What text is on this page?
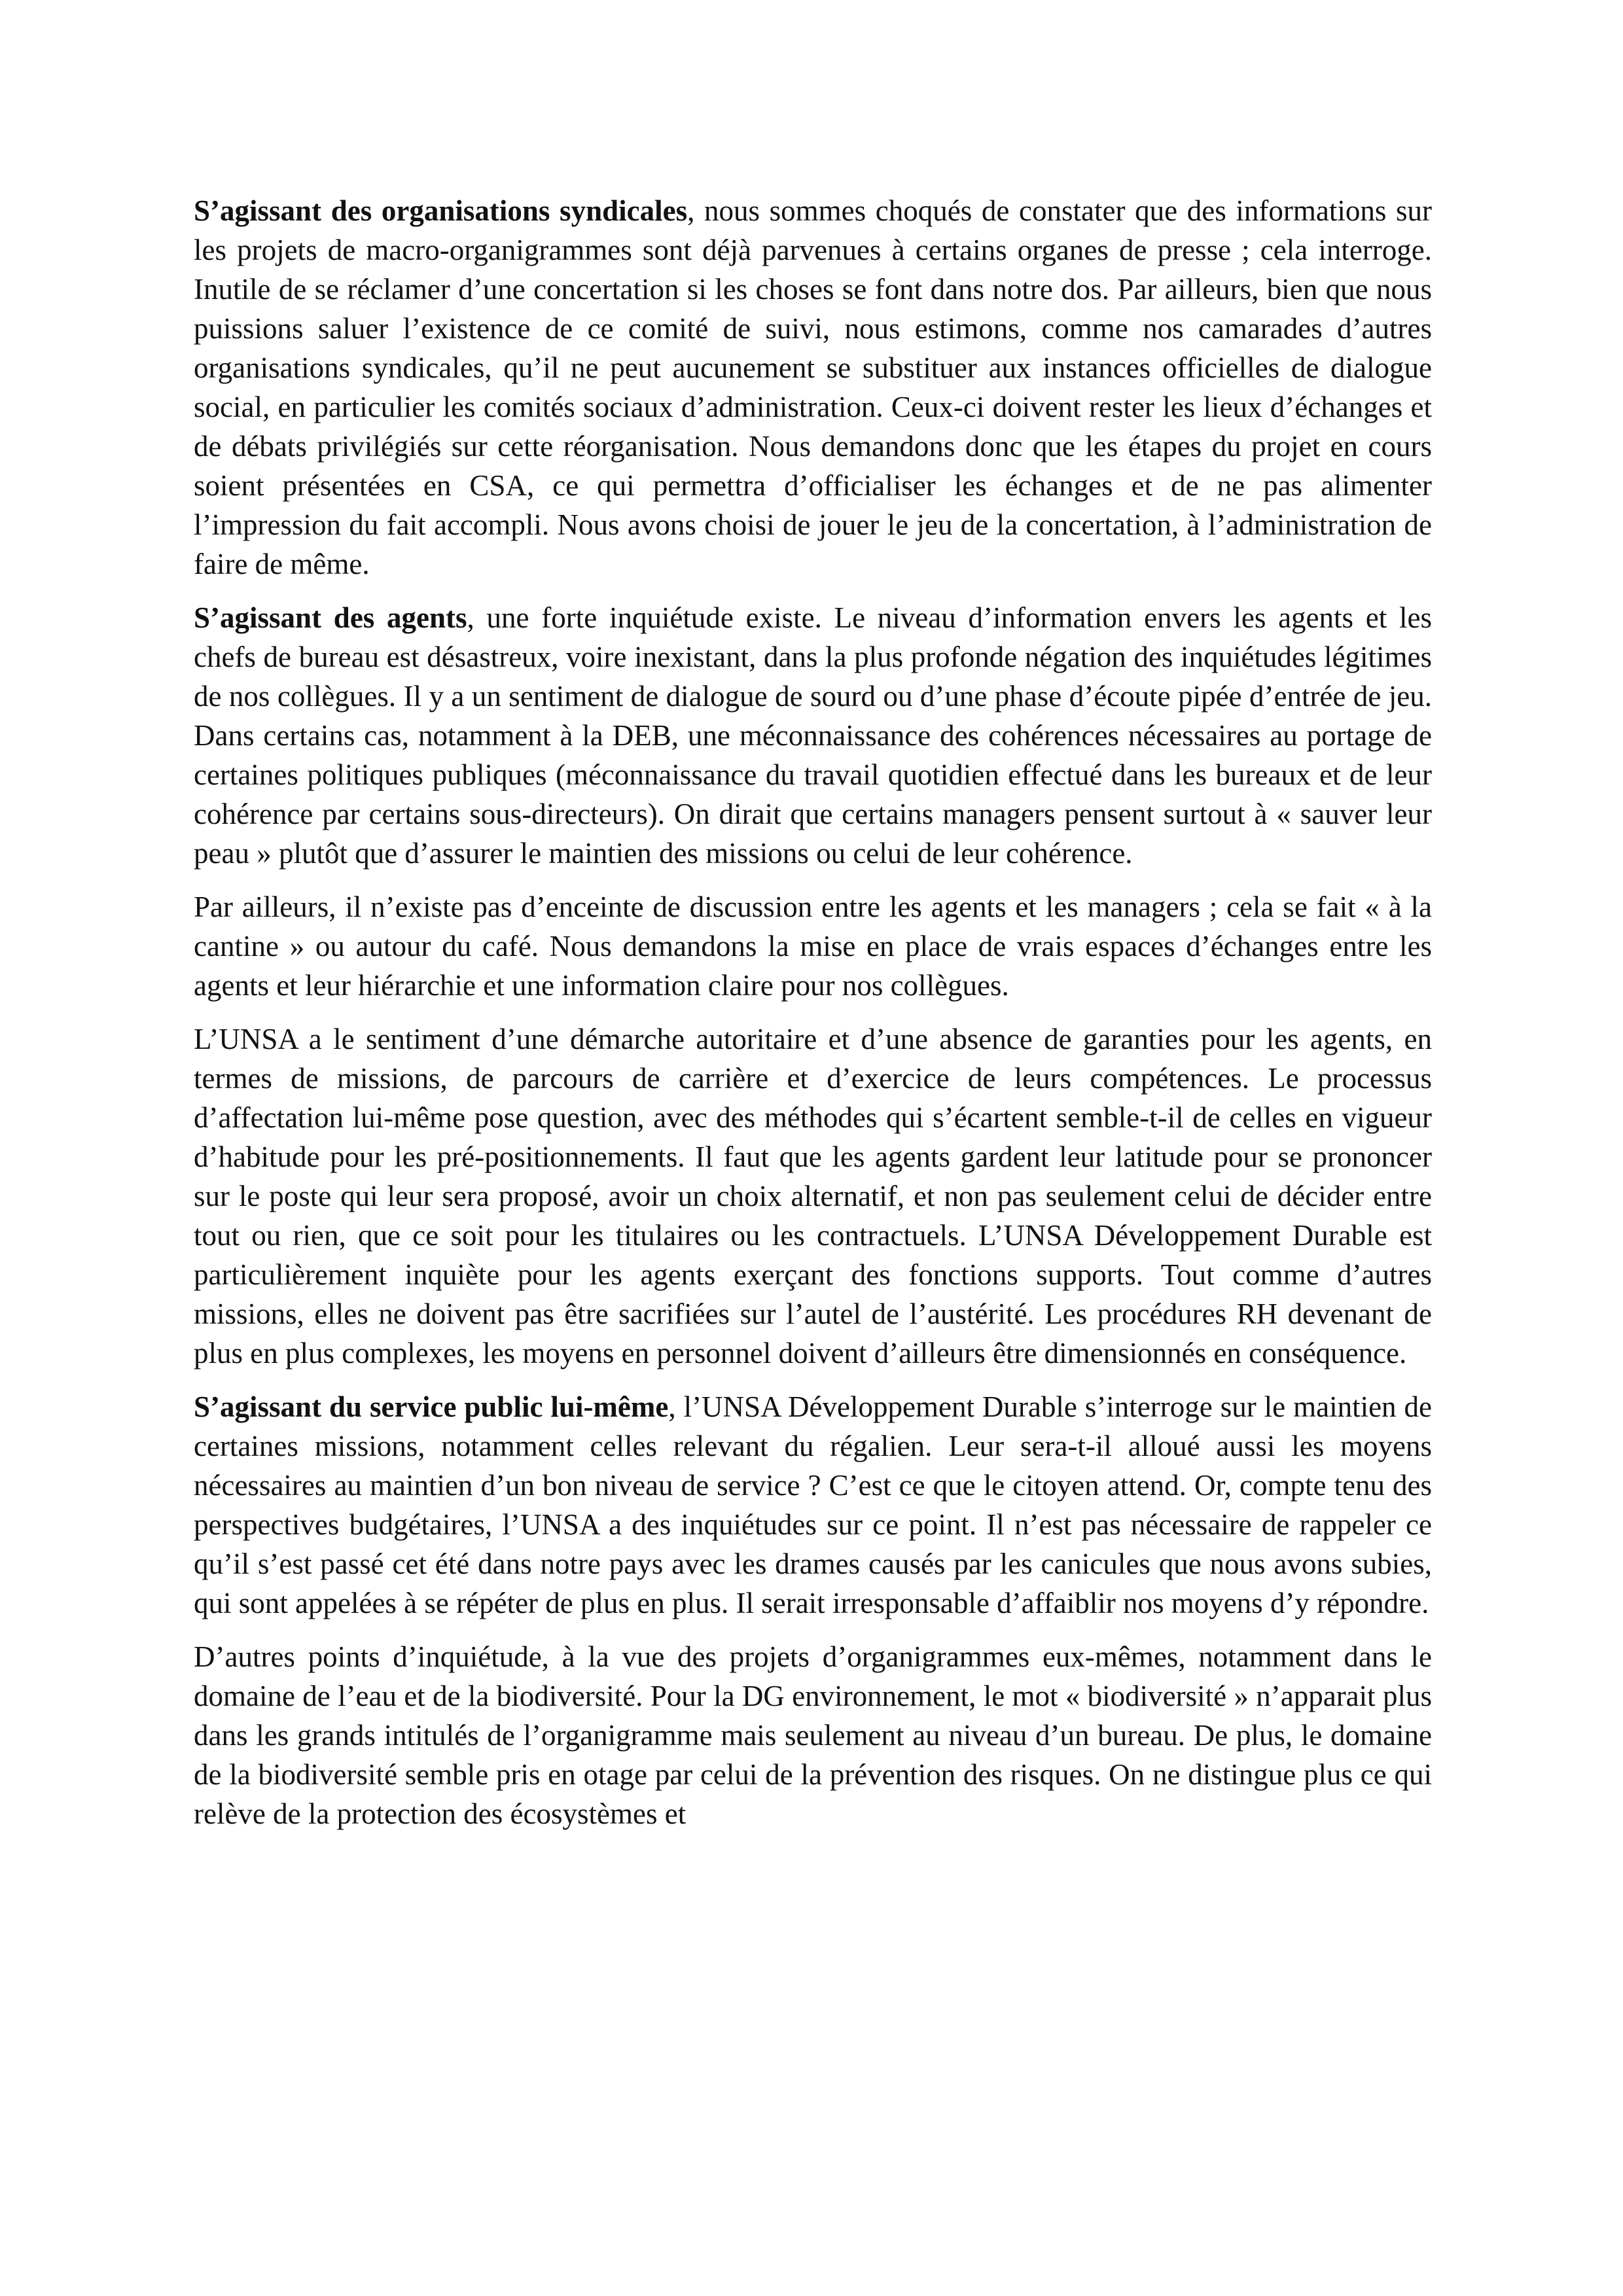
S’agissant des organisations syndicales, nous sommes choqués de constater que des informations sur les projets de macro-organigrammes sont déjà parvenues à certains organes de presse ; cela interroge. Inutile de se réclamer d’une concertation si les choses se font dans notre dos. Par ailleurs, bien que nous puissions saluer l’existence de ce comité de suivi, nous estimons, comme nos camarades d’autres organisations syndicales, qu’il ne peut aucunement se substituer aux instances officielles de dialogue social, en particulier les comités sociaux d’administration. Ceux-ci doivent rester les lieux d’échanges et de débats privilégiés sur cette réorganisation. Nous demandons donc que les étapes du projet en cours soient présentées en CSA, ce qui permettra d’officialiser les échanges et de ne pas alimenter l’impression du fait accompli. Nous avons choisi de jouer le jeu de la concertation, à l’administration de faire de même.

S’agissant des agents, une forte inquiétude existe. Le niveau d’information envers les agents et les chefs de bureau est désastreux, voire inexistant, dans la plus profonde négation des inquiétudes légitimes de nos collègues. Il y a un sentiment de dialogue de sourd ou d’une phase d’écoute pipée d’entrée de jeu. Dans certains cas, notamment à la DEB, une méconnaissance des cohérences nécessaires au portage de certaines politiques publiques (méconnaissance du travail quotidien effectué dans les bureaux et de leur cohérence par certains sous-directeurs). On dirait que certains managers pensent surtout à « sauver leur peau » plutôt que d’assurer le maintien des missions ou celui de leur cohérence.

Par ailleurs, il n’existe pas d’enceinte de discussion entre les agents et les managers ; cela se fait « à la cantine » ou autour du café. Nous demandons la mise en place de vrais espaces d’échanges entre les agents et leur hiérarchie et une information claire pour nos collègues.

L’UNSA a le sentiment d’une démarche autoritaire et d’une absence de garanties pour les agents, en termes de missions, de parcours de carrière et d’exercice de leurs compétences. Le processus d’affectation lui-même pose question, avec des méthodes qui s’écartent semble-t-il de celles en vigueur d’habitude pour les pré-positionnements. Il faut que les agents gardent leur latitude pour se prononcer sur le poste qui leur sera proposé, avoir un choix alternatif, et non pas seulement celui de décider entre tout ou rien, que ce soit pour les titulaires ou les contractuels. L’UNSA Développement Durable est particulièrement inquiète pour les agents exerçant des fonctions supports. Tout comme d’autres missions, elles ne doivent pas être sacrifiées sur l’autel de l’austérité. Les procédures RH devenant de plus en plus complexes, les moyens en personnel doivent d’ailleurs être dimensionnés en conséquence.

S’agissant du service public lui-même, l’UNSA Développement Durable s’interroge sur le maintien de certaines missions, notamment celles relevant du régalien. Leur sera-t-il alloué aussi les moyens nécessaires au maintien d’un bon niveau de service ? C’est ce que le citoyen attend. Or, compte tenu des perspectives budgétaires, l’UNSA a des inquiétudes sur ce point. Il n’est pas nécessaire de rappeler ce qu’il s’est passé cet été dans notre pays avec les drames causés par les canicules que nous avons subies, qui sont appelées à se répéter de plus en plus. Il serait irresponsable d’affaiblir nos moyens d’y répondre.

D’autres points d’inquiétude, à la vue des projets d’organigrammes eux-mêmes, notamment dans le domaine de l’eau et de la biodiversité. Pour la DG environnement, le mot « biodiversité » n’apparait plus dans les grands intitulés de l’organigramme mais seulement au niveau d’un bureau. De plus, le domaine de la biodiversité semble pris en otage par celui de la prévention des risques. On ne distingue plus ce qui relève de la protection des écosystèmes et
